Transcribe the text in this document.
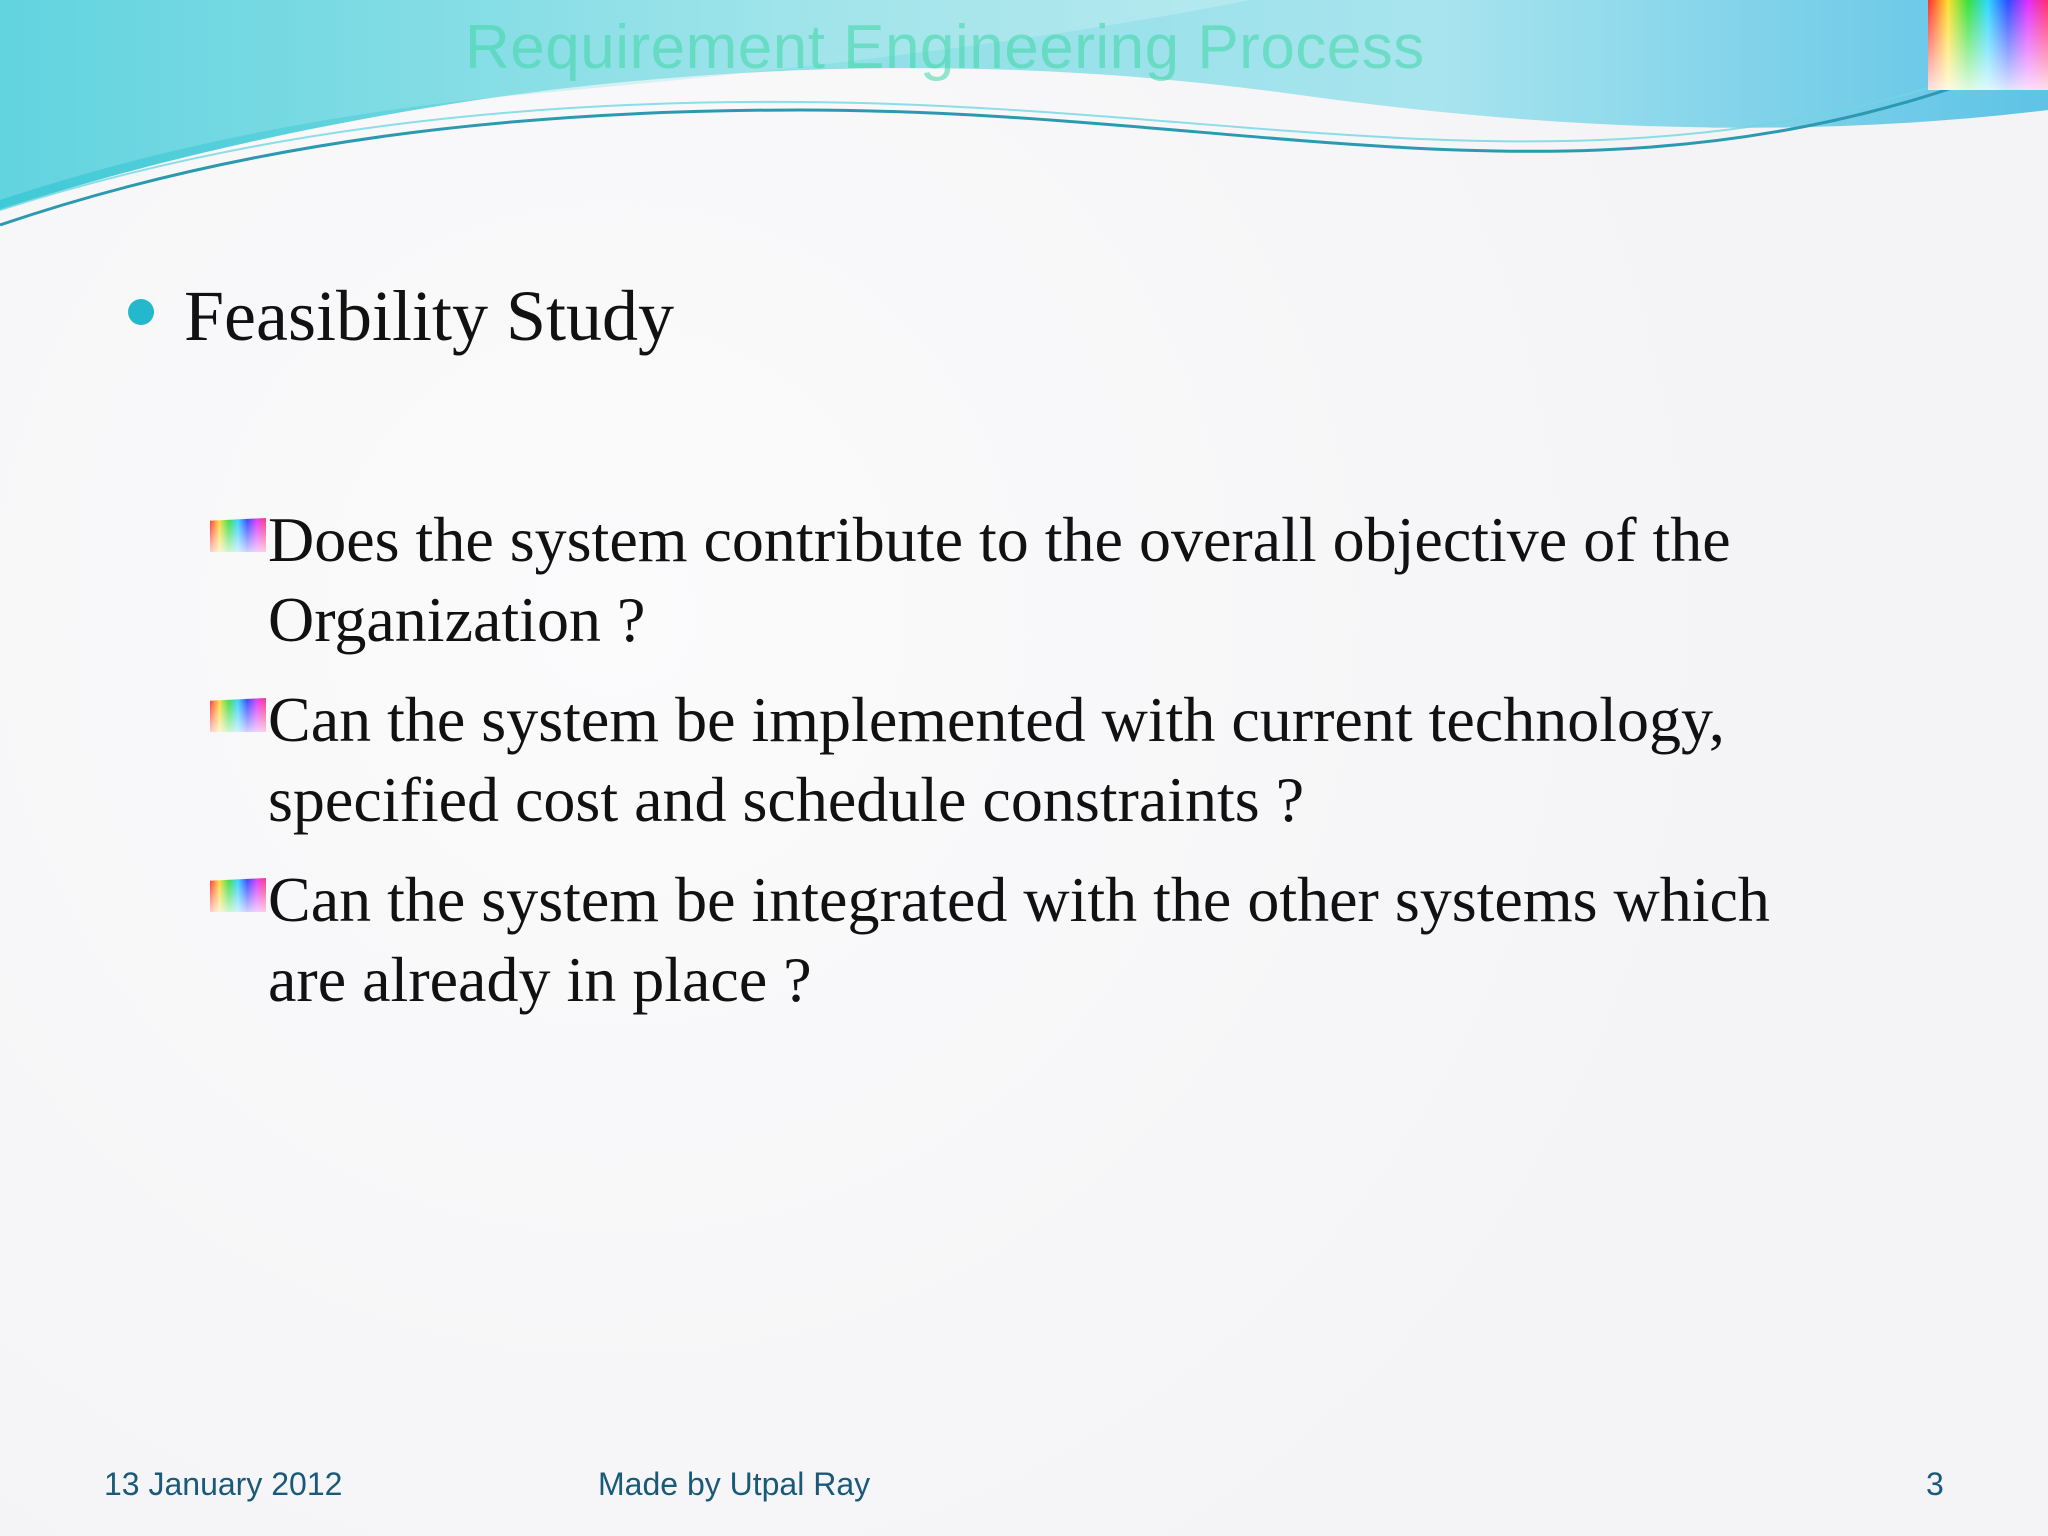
Requirement Engineering Process
Feasibility Study
Does the system contribute to the overall objective of the Organization ?
Can the system be implemented with current technology, specified cost and schedule constraints ?
Can the system be integrated with the other systems which are already in place ?
13 January 2012	Made by Utpal Ray	3
